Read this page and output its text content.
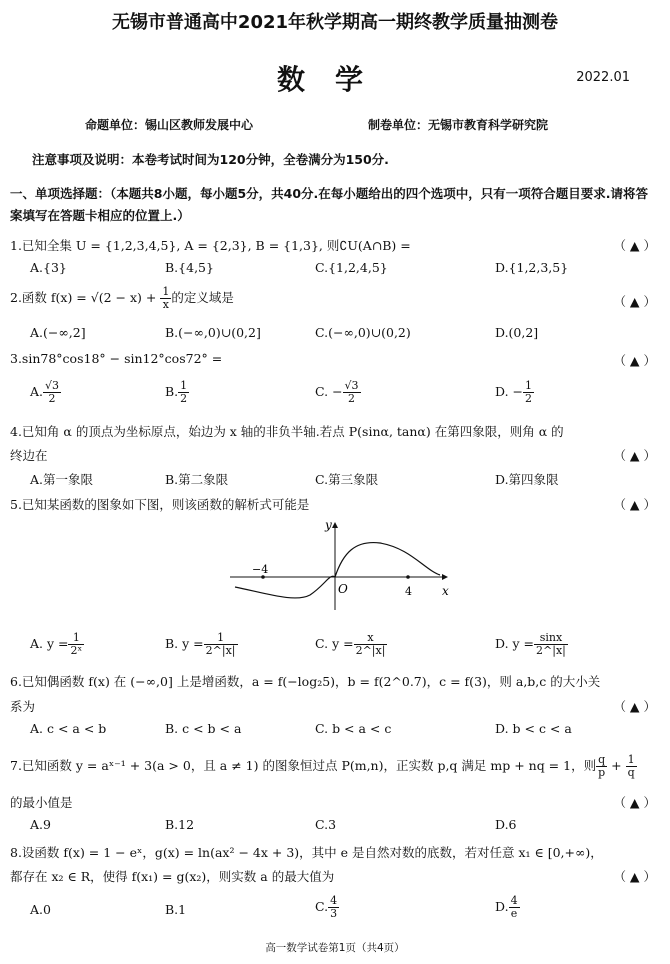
无锡市普通高中2021年秋学期高一期终教学质量抽测卷
数学	2022.01
命题单位：锡山区教师发展中心	制卷单位：无锡市教育科学研究院
注意事项及说明：本卷考试时间为120分钟，全卷满分为150分.
一、单项选择题：（本题共8小题，每小题5分，共40分.在每小题给出的四个选项中，只有一项符合题目要求.请将答案填写在答题卡相应的位置上.）
1.已知全集 U = {1,2,3,4,5}, A = {2,3}, B = {1,3}, 则∁U(A∩B) =	（ ▲ ）
A.{3}	B.{4,5}	C.{1,2,4,5}	D.{1,2,3,5}
2.函数 $f(x) = √(2 - x) + \frac{1}{x}$ 的定义域是	（ ▲ ）
A.(−∞,2]	B.(−∞,0)∪(0,2]	C.(−∞,0)∪(0,2)	D.(0,2]
3.sin78°cos18° − sin12°cos72° =	（ ▲ ）
A. $\frac{√3}{2}$	B. $\frac{1}{2}$	C. − $\frac{√3}{2}$	D. − $\frac{1}{2}$
4.已知角 α 的顶点为坐标原点，始边为 x 轴的非负半轴.若点 P(sinα, tanα) 在第四象限，则角 α 的
终边在	（ ▲ ）
A.第一象限	B.第二象限	C.第三象限	D.第四象限
5.已知某函数的图象如下图，则该函数的解析式可能是	（ ▲ ）
y
x
O
−4
4
A. $y = \frac{1}{\text{2ˣ}}$	B. $y = \frac{1}{2\^{}|x|}$	C. $y = \frac{x}{2\^{}|x|}$	D. $y = \frac{\sin x}{2\^{}|x|}$
6.已知偶函数 f(x) 在 (−∞,0] 上是增函数，a = f(−log₂5)，b = f(2^0.7)，c = f(3)，则 a,b,c 的大小关
系为	（ ▲ ）
A. c < a < b	B. c < b < a	C. b < a < c	D. b < c < a
7.已知函数 y = aˣ⁻¹ + 3(a > 0，且 a ≠ 1) 的图象恒过点 P(m,n)，正实数 p,q 满足 mp + nq = 1，则 $\frac{q}{p} + \frac{1}{q}$
的最小值是	（ ▲ ）
A.9	B.12	C.3	D.6
8.设函数 f(x) = 1 − eˣ，g(x) = ln(ax² − 4x + 3)，其中 e 是自然对数的底数，若对任意 x₁ ∈ [0,+∞)，
都存在 x₂ ∈ R，使得 f(x₁) = g(x₂)，则实数 a 的最大值为	（ ▲ ）
A.0	B.1	C. $\frac{4}{3}$	D. $\frac{4}{e}$
高一数学试卷第1页（共4页）
